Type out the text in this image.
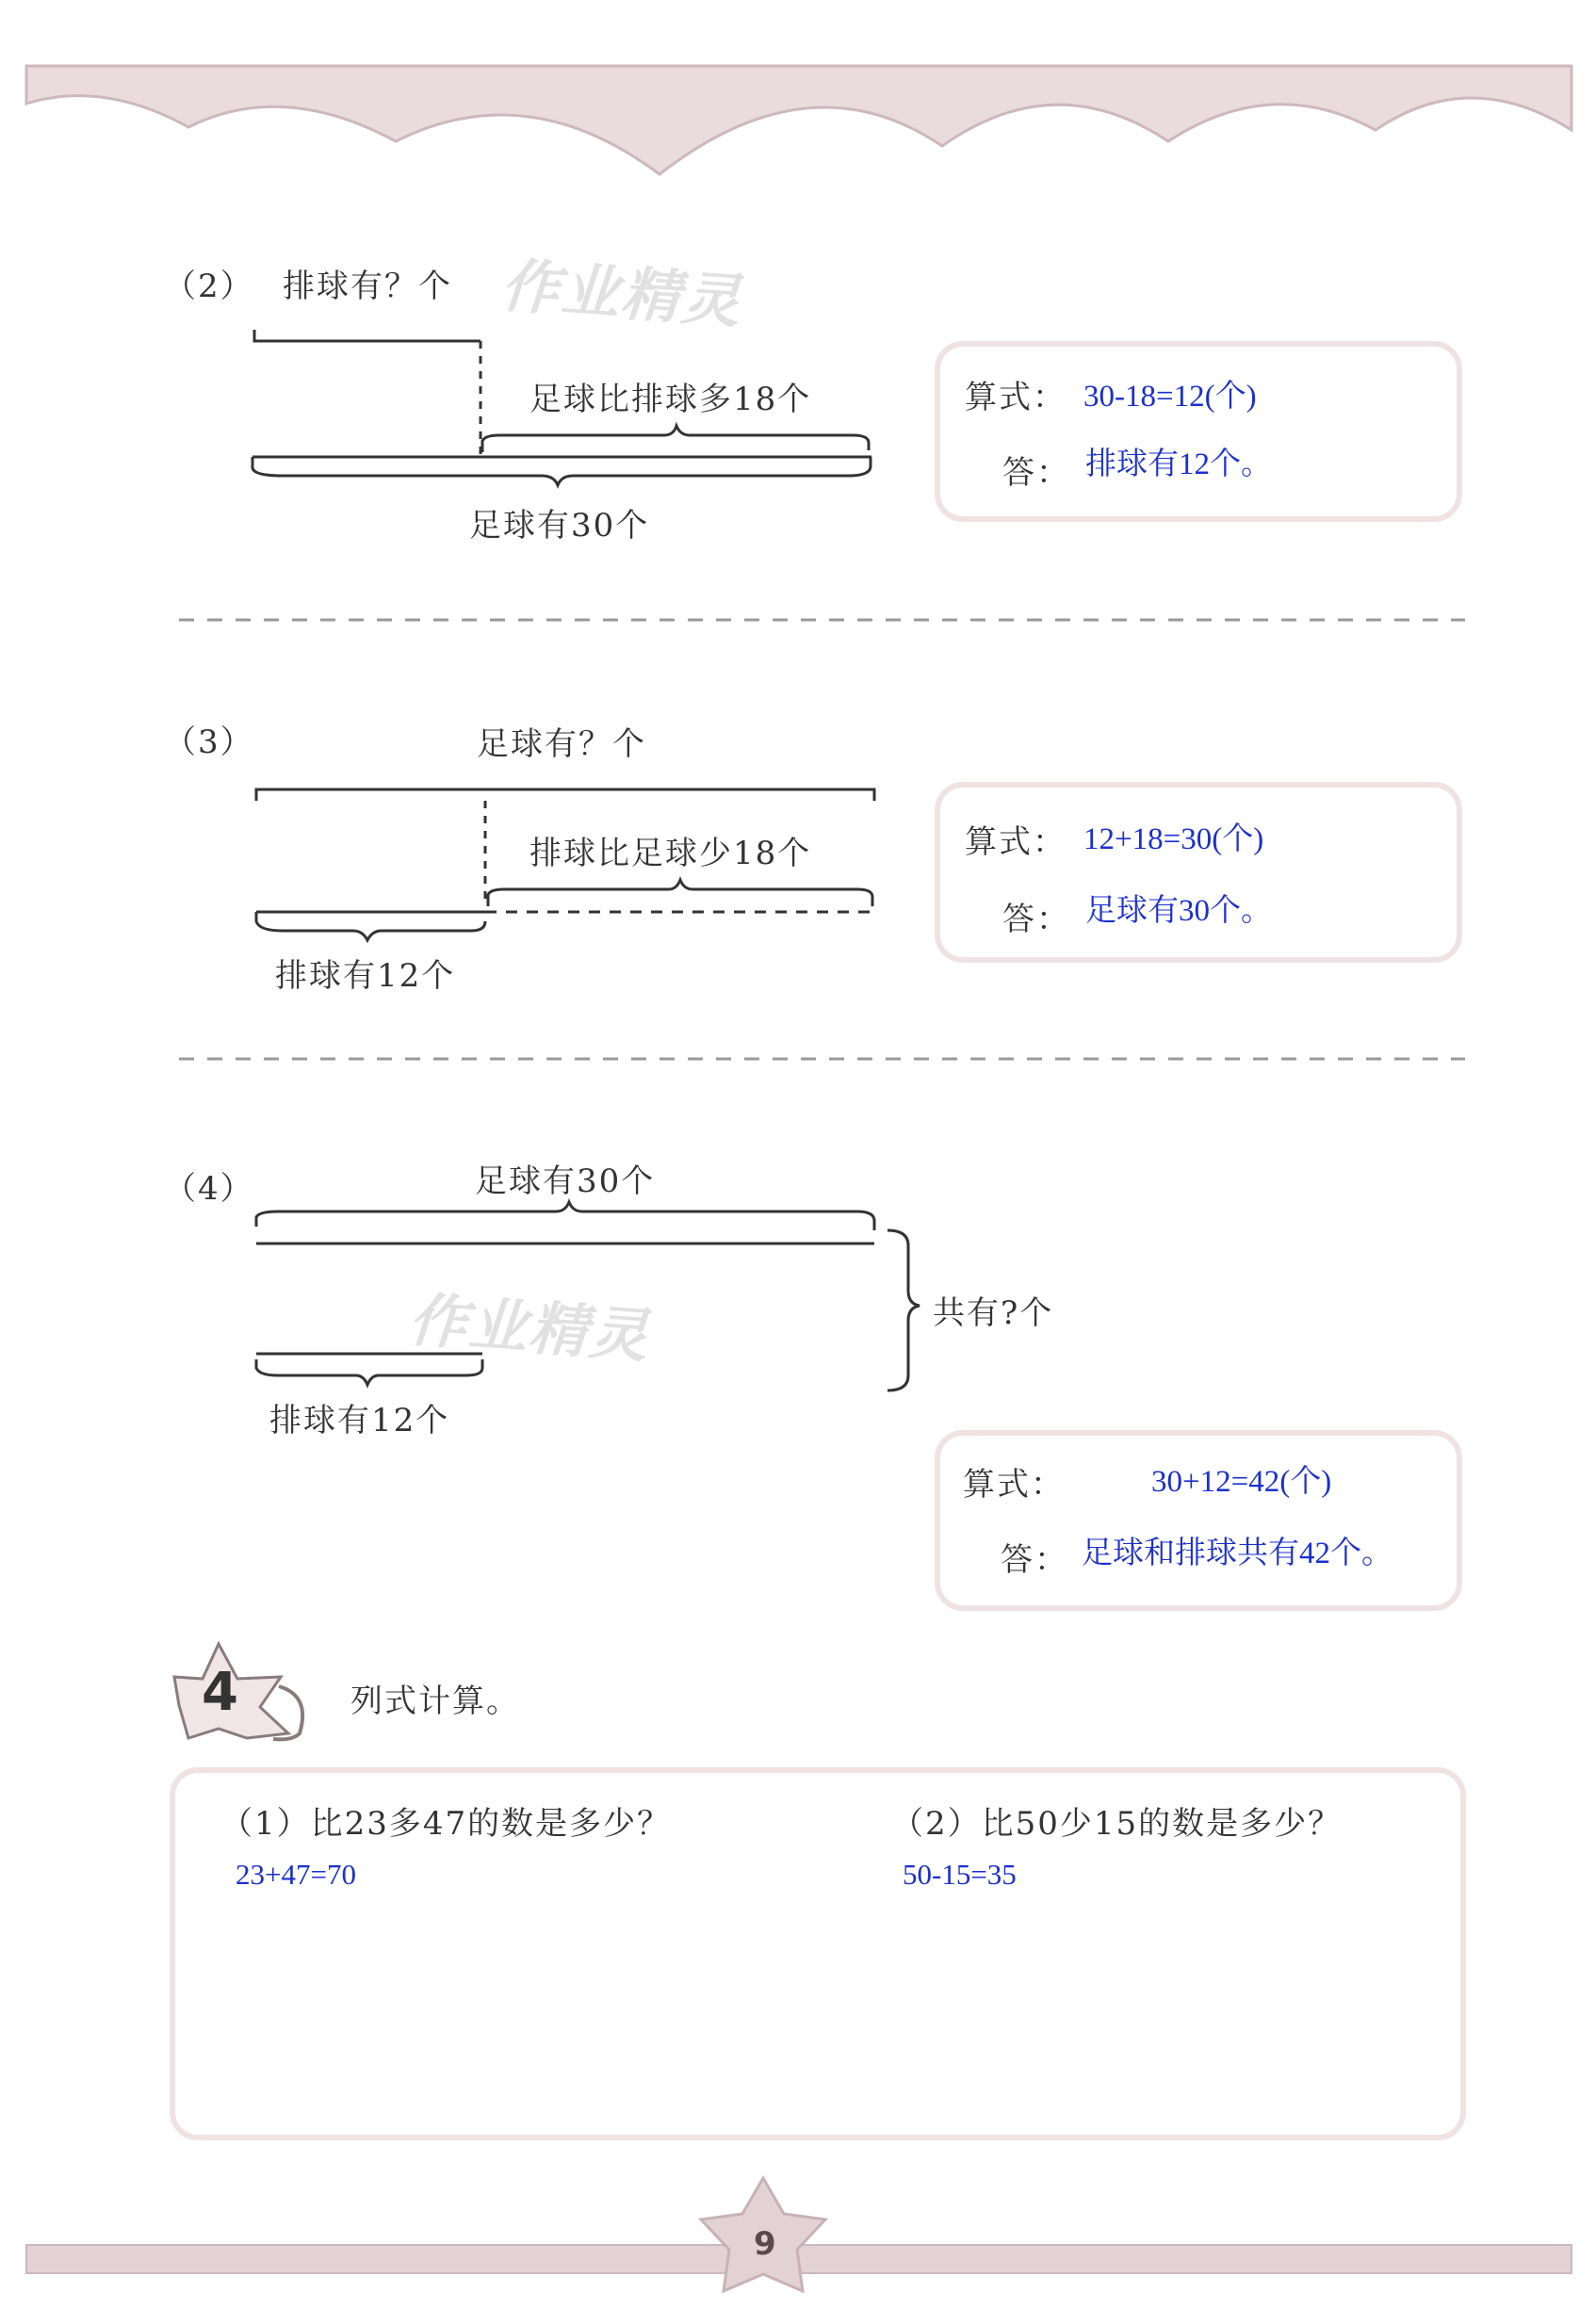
（2） 排球有？个
足球比排球多18个
足球有30个
算式： 30-18=12(个)
答： 排球有12个。
（3）	足球有？个
排球比足球少18个
排球有12个
算式： 12+18=30(个)
答： 足球有30个。
（4）	足球有30个
共有?个
排球有12个
算式：	30+12=42(个)
答： 足球和排球共有42个。
作业精灵
作业精灵
4	列式计算。
（1）比23多47的数是多少？
23+47=70
（2）比50少15的数是多少？
50-15=35
9
